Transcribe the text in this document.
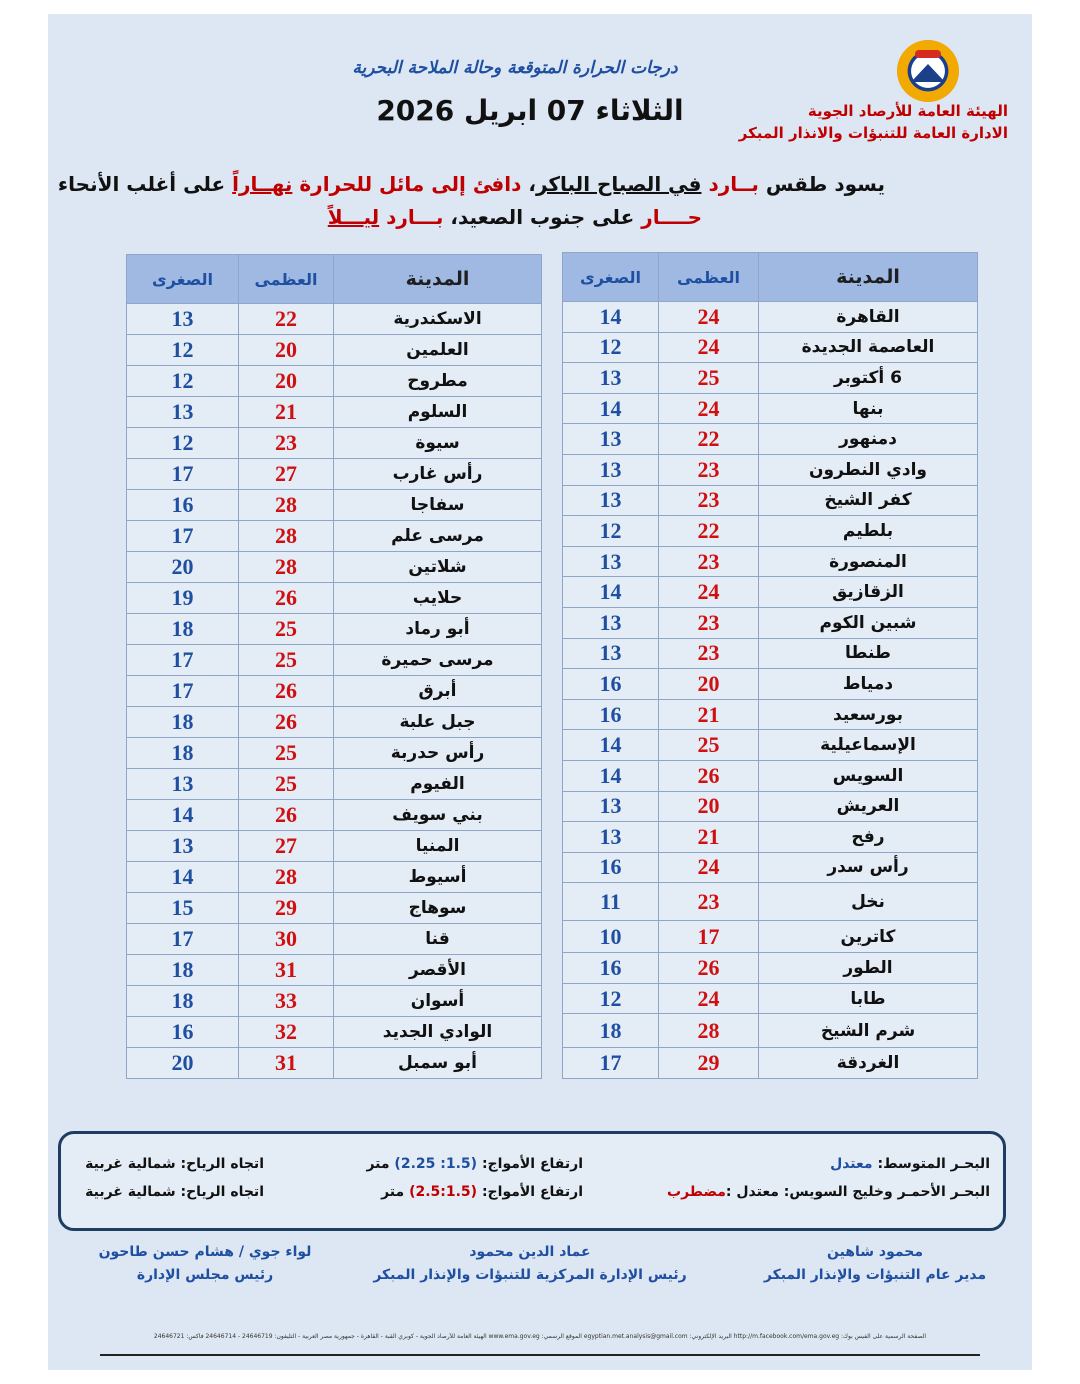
الهيئة العامة للأرصاد الجوية
الادارة العامة للتنبؤات والانذار المبكر
درجات الحرارة المتوقعة وحالة الملاحة البحرية
الثلاثاء 07 ابريل 2026
يسود طقس بــارد في الصباح الباكر، دافئ إلى مائل للحرارة نهــاراً على أغلب الأنحاء
حــــار على جنوب الصعيد، بـــارد ليـــلاً
المدينة	العظمى	الصغرى
القاهرة	24	14
العاصمة الجديدة	24	12
6 أكتوبر	25	13
بنها	24	14
دمنهور	22	13
وادي النطرون	23	13
كفر الشيخ	23	13
بلطيم	22	12
المنصورة	23	13
الزقازيق	24	14
شبين الكوم	23	13
طنطا	23	13
دمياط	20	16
بورسعيد	21	16
الإسماعيلية	25	14
السويس	26	14
العريش	20	13
رفح	21	13
رأس سدر	24	16
نخل	23	11
كاترين	17	10
الطور	26	16
طابا	24	12
شرم الشيخ	28	18
الغردقة	29	17
المدينة	العظمى	الصغرى
الاسكندرية	22	13
العلمين	20	12
مطروح	20	12
السلوم	21	13
سيوة	23	12
رأس غارب	27	17
سفاجا	28	16
مرسى علم	28	17
شلاتين	28	20
حلايب	26	19
أبو رماد	25	18
مرسى حميرة	25	17
أبرق	26	17
جبل علبة	26	18
رأس حدربة	25	18
الفيوم	25	13
بني سويف	26	14
المنيا	27	13
أسيوط	28	14
سوهاج	29	15
قنا	30	17
الأقصر	31	18
أسوان	33	18
الوادي الجديد	32	16
أبو سمبل	31	20
البحـر المتوسط: معتدل
ارتفاع الأمواج: (1.5: 2.25) متر
اتجاه الرياح: شمالية غربية
البحـر الأحمـر وخليج السويس: معتدل :مضطرب
ارتفاع الأمواج: (2.5:1.5) متر
اتجاه الرياح: شمالية غربية
محمود شاهين
مدير عام التنبؤات والإنذار المبكر
عماد الدين محمود
رئيس الإدارة المركزية للتنبؤات والإنذار المبكر
لواء جوي / هشام حسن طاحون
رئيس مجلس الإدارة
الصفحة الرسمية على الفيس بوك: http://m.facebook.com/ema.gov.eg البريد الإلكتروني: egyptian.met.analysis@gmail.com الموقع الرسمي: www.ema.gov.eg الهيئة العامة للأرصاد الجوية - كوبري القبة - القاهرة - جمهورية مصر العربية - التليفون: 24646719 - 24646714 فاكس: 24646721
